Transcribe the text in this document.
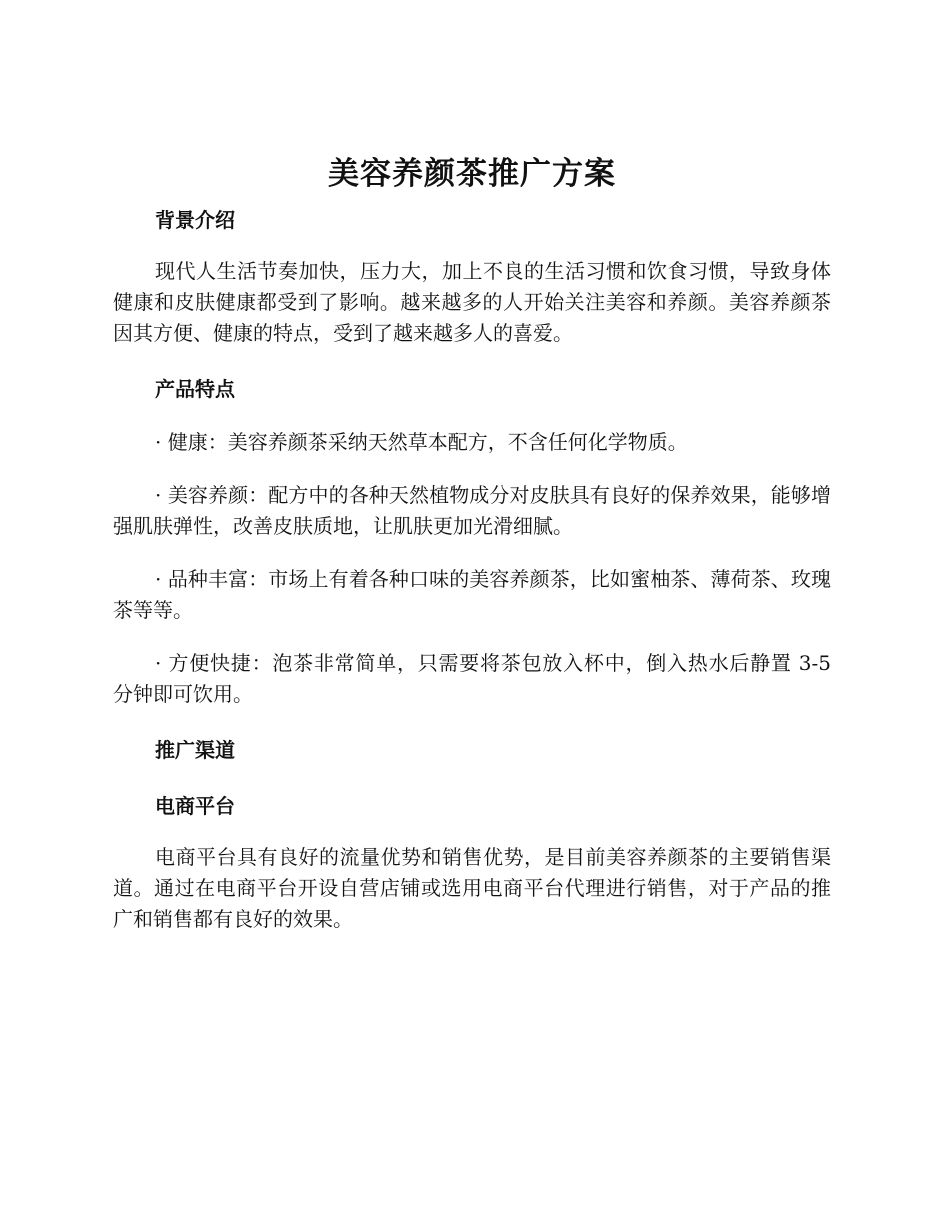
美容养颜茶推广方案
背景介绍

现代人生活节奏加快，压力大，加上不良的生活习惯和饮食习惯，导致身体健康和皮肤健康都受到了影响。越来越多的人开始关注美容和养颜。美容养颜茶因其方便、健康的特点，受到了越来越多人的喜爱。

产品特点

· 健康：美容养颜茶采纳天然草本配方，不含任何化学物质。

· 美容养颜：配方中的各种天然植物成分对皮肤具有良好的保养效果，能够增强肌肤弹性，改善皮肤质地，让肌肤更加光滑细腻。

· 品种丰富：市场上有着各种口味的美容养颜茶，比如蜜柚茶、薄荷茶、玫瑰茶等等。

· 方便快捷：泡茶非常简单，只需要将茶包放入杯中，倒入热水后静置 3-5 分钟即可饮用。

推广渠道
电商平台

电商平台具有良好的流量优势和销售优势，是目前美容养颜茶的主要销售渠道。通过在电商平台开设自营店铺或选用电商平台代理进行销售，对于产品的推广和销售都有良好的效果。
